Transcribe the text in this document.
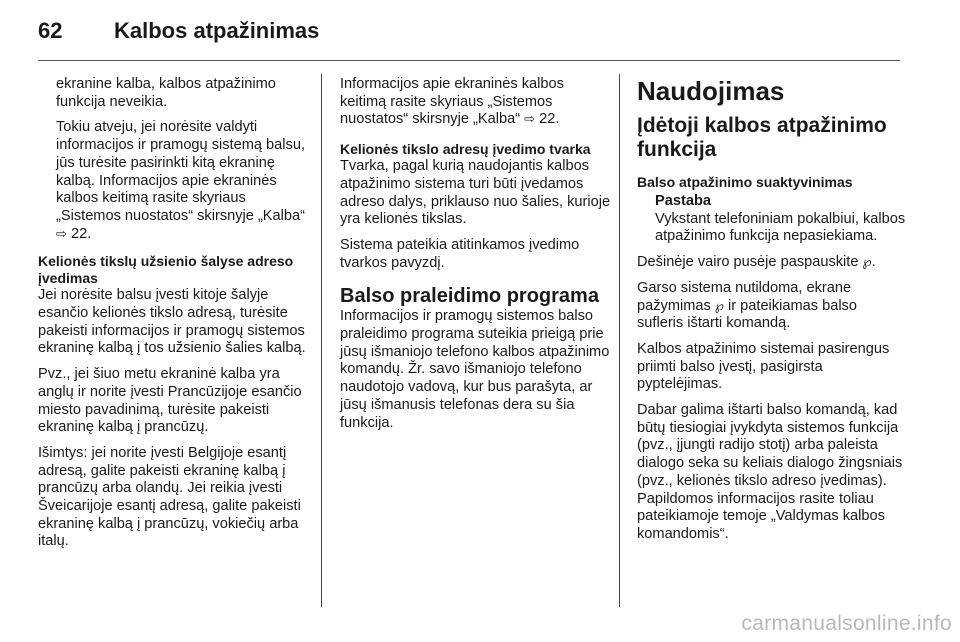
62 Kalbos atpažinimas

ekranine kalba, kalbos atpažinimo funkcija neveikia.

Tokiu atveju, jei norėsite valdyti informacijos ir pramogų sistemą balsu, jūs turėsite pasirinkti kitą ekraninę kalbą. Informacijos apie ekraninės kalbos keitimą rasite skyriaus „Sistemos nuostatos“ skirsnyje „Kalba“ ⇨ 22.

Kelionės tikslų užsienio šalyse adreso įvedimas

Jei norėsite balsu įvesti kitoje šalyje esančio kelionės tikslo adresą, turėsite pakeisti informacijos ir pramogų sistemos ekraninę kalbą į tos užsienio šalies kalbą.

Pvz., jei šiuo metu ekraninė kalba yra anglų ir norite įvesti Prancūzijoje esančio miesto pavadinimą, turėsite pakeisti ekraninę kalbą į prancūzų.

Išimtys: jei norite įvesti Belgijoje esantį adresą, galite pakeisti ekraninę kalbą į prancūzų arba olandų. Jei reikia įvesti Šveicarijoje esantį adresą, galite pakeisti ekraninę kalbą į prancūzų, vokiečių arba italų.

Informacijos apie ekraninės kalbos keitimą rasite skyriaus „Sistemos nuostatos“ skirsnyje „Kalba“ ⇨ 22.

Kelionės tikslo adresų įvedimo tvarka

Tvarka, pagal kurią naudojantis kalbos atpažinimo sistema turi būti įvedamos adreso dalys, priklauso nuo šalies, kurioje yra kelionės tikslas.

Sistema pateikia atitinkamos įvedimo tvarkos pavyzdį.

Balso praleidimo programa

Informacijos ir pramogų sistemos balso praleidimo programa suteikia prieigą prie jūsų išmaniojo telefono kalbos atpažinimo komandų. Žr. savo išmaniojo telefono naudotojo vadovą, kur bus parašyta, ar jūsų išmanusis telefonas dera su šia funkcija.

Naudojimas

Įdėtoji kalbos atpažinimo funkcija

Balso atpažinimo suaktyvinimas

Pastaba
Vykstant telefoniniam pokalbiui, kalbos atpažinimo funkcija nepasiekiama.

Dešinėje vairo pusėje paspauskite ℘.

Garso sistema nutildoma, ekrane pažymimas ℘ ir pateikiamas balso sufleris ištarti komandą.

Kalbos atpažinimo sistemai pasirengus priimti balso įvestį, pasigirsta pyptelėjimas.

Dabar galima ištarti balso komandą, kad būtų tiesiogiai įvykdyta sistemos funkcija (pvz., įjungti radijo stotį) arba paleista dialogo seka su keliais dialogo žingsniais (pvz., kelionės tikslo adreso įvedimas). Papildomos informacijos rasite toliau pateikiamoje temoje „Valdymas kalbos komandomis“.

carmanualsonline.info
